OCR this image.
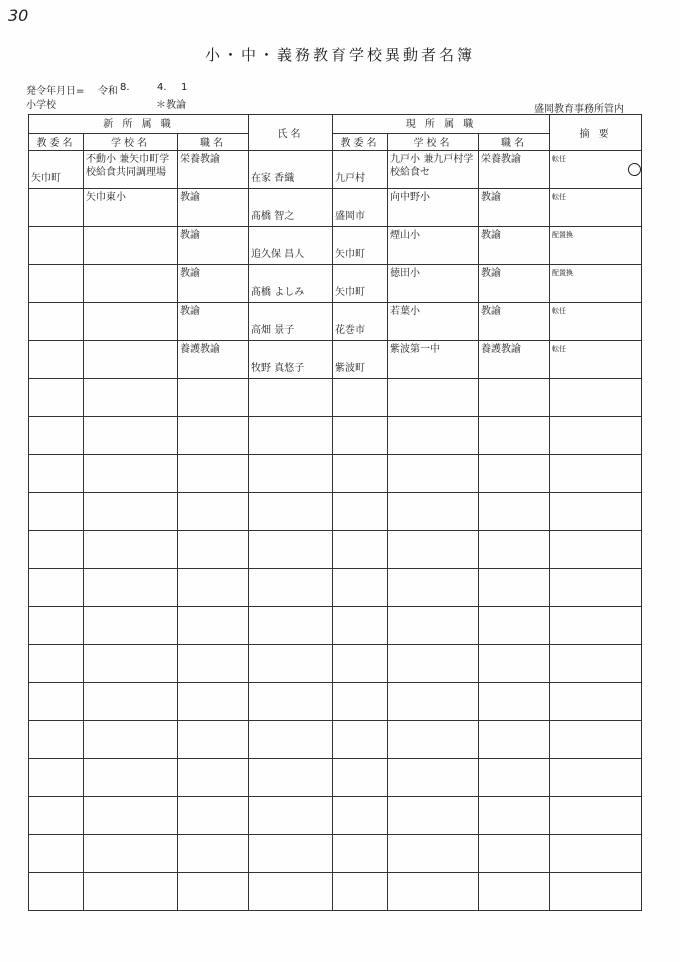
30
小・中・義務教育学校異動者名簿
発令年月日= 令和 8.	4. 1
小学校	＊教論	盛岡教育事務所管内
新 所 属 職			氏名	現 所 属 職			摘 要
教委名	学校名	職名		教委名	学校名	職名	

矢巾町	不動小 兼矢巾町学校給食共同調理場	栄養教諭	在家 香織	九戸村	九戸小 兼九戸村学校給食セ	栄養教諭	転任

	矢巾東小	教諭	髙橋 智之	盛岡市	向中野小	教諭	転任

		教諭	追久保 昌人	矢巾町	煙山小	教諭	配置換

		教諭	髙橋 よしみ	矢巾町	徳田小	教諭	配置換

		教諭	高畑 景子	花巻市	若葉小	教諭	転任

		養護教諭	牧野 真悠子	紫波町	紫波第一中	養護教諭	転任
